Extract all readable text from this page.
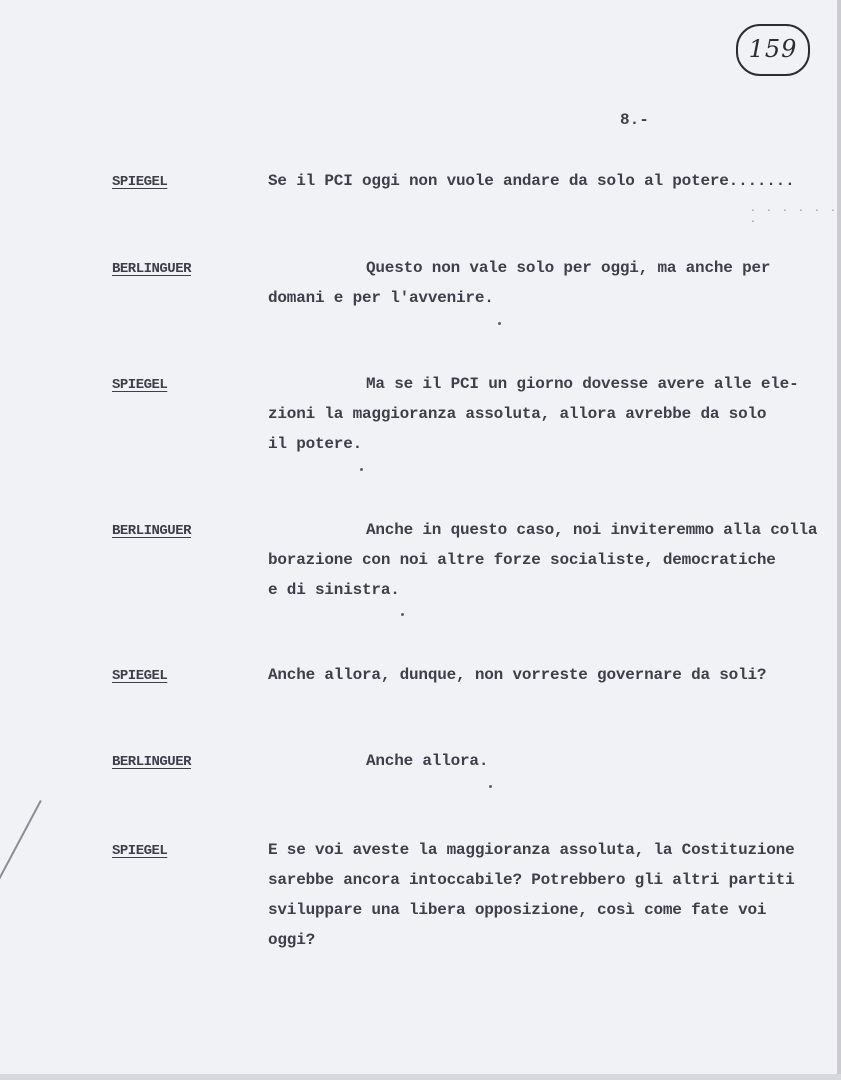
159
8.-
SPIEGEL	Se il PCI oggi non vuole andare da solo al potere.......
· · · · · · ·
BERLINGUER	Questo non vale solo per oggi, ma anche per
domani e per l'avvenire.
SPIEGEL	Ma se il PCI un giorno dovesse avere alle ele-
zioni la maggioranza assoluta, allora avrebbe da solo
il potere.
BERLINGUER	Anche in questo caso, noi inviteremmo alla colla
borazione con noi altre forze socialiste, democratiche
e di sinistra.
SPIEGEL	Anche allora, dunque, non vorreste governare da soli?
BERLINGUER	Anche allora.
SPIEGEL	E se voi aveste la maggioranza assoluta, la Costituzione
sarebbe ancora intoccabile? Potrebbero gli altri partiti
sviluppare una libera opposizione, così come fate voi
oggi?
